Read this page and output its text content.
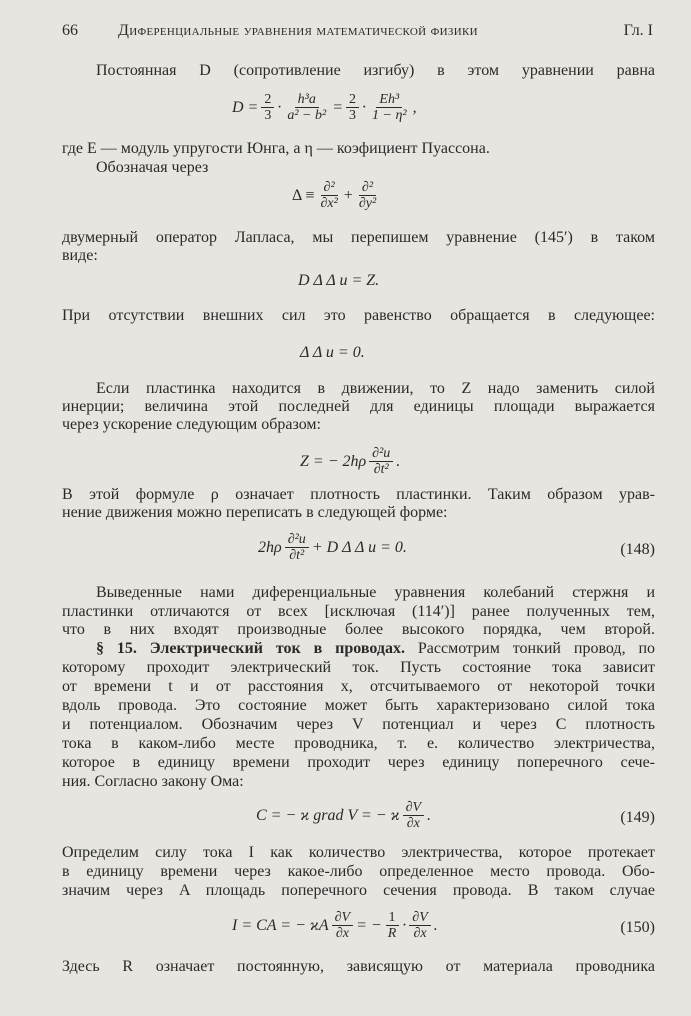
66	Диференциальные уравнения математической физики	Гл. I
Постоянная D (сопротивление изгибу) в этом уравнении равна
где E — модуль упругости Юнга, а η — коэфициент Пуассона.
Обозначая через
двумерный оператор Лапласа, мы перепишем уравнение (145′) в таком
виде:
При отсутствии внешних сил это равенство обращается в следующее:
Если пластинка находится в движении, то Z надо заменить силой
инерции; величина этой последней для единицы площади выражается
через ускорение следующим образом:
В этой формуле ρ означает плотность пластинки. Таким образом урав-
нение движения можно переписать в следующей форме:
Выведенные нами диференциальные уравнения колебаний стержня и
пластинки отличаются от всех [исключая (114′)] ранее полученных тем,
что в них входят производные более высокого порядка, чем второй.
§ 15. Электрический ток в проводах. Рассмотрим тонкий провод, по
которому проходит электрический ток. Пусть состояние тока зависит
от времени t и от расстояния x, отсчитываемого от некоторой точки
вдоль провода. Это состояние может быть характеризовано силой тока
и потенциалом. Обозначим через V потенциал и через C плотность
тока в каком-либо месте проводника, т. е. количество электричества,
которое в единицу времени проходит через единицу поперечного сече-
ния. Согласно закону Ома:
Определим силу тока I как количество электричества, которое протекает
в единицу времени через какое-либо определенное место провода. Обо-
значим через A площадь поперечного сечения провода. В таком случае
Здесь R означает постоянную, зависящую от материала проводника
$D = \frac{2}{3} \cdot \frac{\text{h³a}}{\text{a² − b²}} = \frac{2}{3} \cdot \frac{\text{Eh³}}{\text{1 − η²}}$ ,
$\Delta \equiv \frac{\text{∂²}}{\text{∂x²}} + \frac{\text{∂²}}{\text{∂y²}}$
D Δ Δ u = Z.
Δ Δ u = 0.
Z = − $2h\rho \frac{\text{∂²u}}{\text{∂t²}}$ .
$2h\rho \frac{\text{∂²u}}{\text{∂t²}} + D$ Δ Δ u = 0.	(148)
C = − ϰ grad V = − ϰ $\frac{\partial V}{\partial x}$ .	(149)
I = CA = − ϰA $\frac{\partial V}{\partial x}$ = − $\frac{1}{R} \cdot \frac{\partial V}{\partial x}$ .	(150)
